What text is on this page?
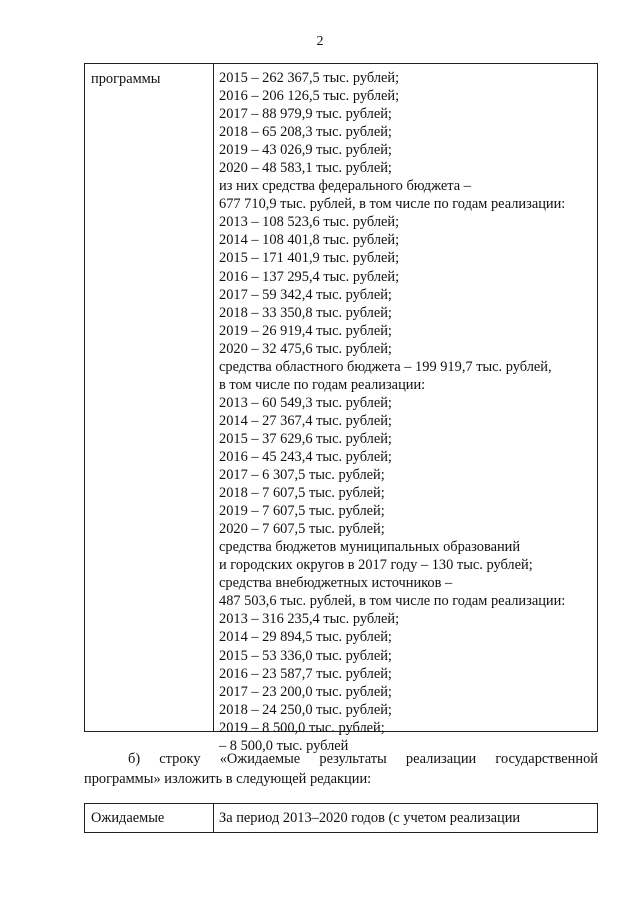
2
программы	2015 – 262 367,5 тыс. рублей;
2016 – 206 126,5 тыс. рублей;
2017 – 88 979,9 тыс. рублей;
2018 – 65 208,3 тыс. рублей;
2019 – 43 026,9 тыс. рублей;
2020 – 48 583,1 тыс. рублей;
из них средства федерального бюджета –
677 710,9 тыс. рублей, в том числе по годам реализации:
2013 – 108 523,6 тыс. рублей;
2014 – 108 401,8 тыс. рублей;
2015 – 171 401,9 тыс. рублей;
2016 – 137 295,4 тыс. рублей;
2017 – 59 342,4 тыс. рублей;
2018 – 33 350,8 тыс. рублей;
2019 – 26 919,4 тыс. рублей;
2020 – 32 475,6 тыс. рублей;
средства областного бюджета – 199 919,7 тыс. рублей,
в том числе по годам реализации:
2013 – 60 549,3 тыс. рублей;
2014 – 27 367,4 тыс. рублей;
2015 – 37 629,6 тыс. рублей;
2016 – 45 243,4 тыс. рублей;
2017 – 6 307,5 тыс. рублей;
2018 – 7 607,5 тыс. рублей;
2019 – 7 607,5 тыс. рублей;
2020 – 7 607,5 тыс. рублей;
средства бюджетов муниципальных образований
и городских округов в 2017 году – 130 тыс. рублей;
средства внебюджетных источников –
487 503,6 тыс. рублей, в том числе по годам реализации:
2013 – 316 235,4 тыс. рублей;
2014 – 29 894,5 тыс. рублей;
2015 – 53 336,0 тыс. рублей;
2016 – 23 587,7 тыс. рублей;
2017 – 23 200,0 тыс. рублей;
2018 – 24 250,0 тыс. рублей;
2019 – 8 500,0 тыс. рублей;
– 8 500,0 тыс. рублей
б) строку «Ожидаемые результаты реализации государственной
программы» изложить в следующей редакции:
Ожидаемые	За период 2013–2020 годов (с учетом реализации
